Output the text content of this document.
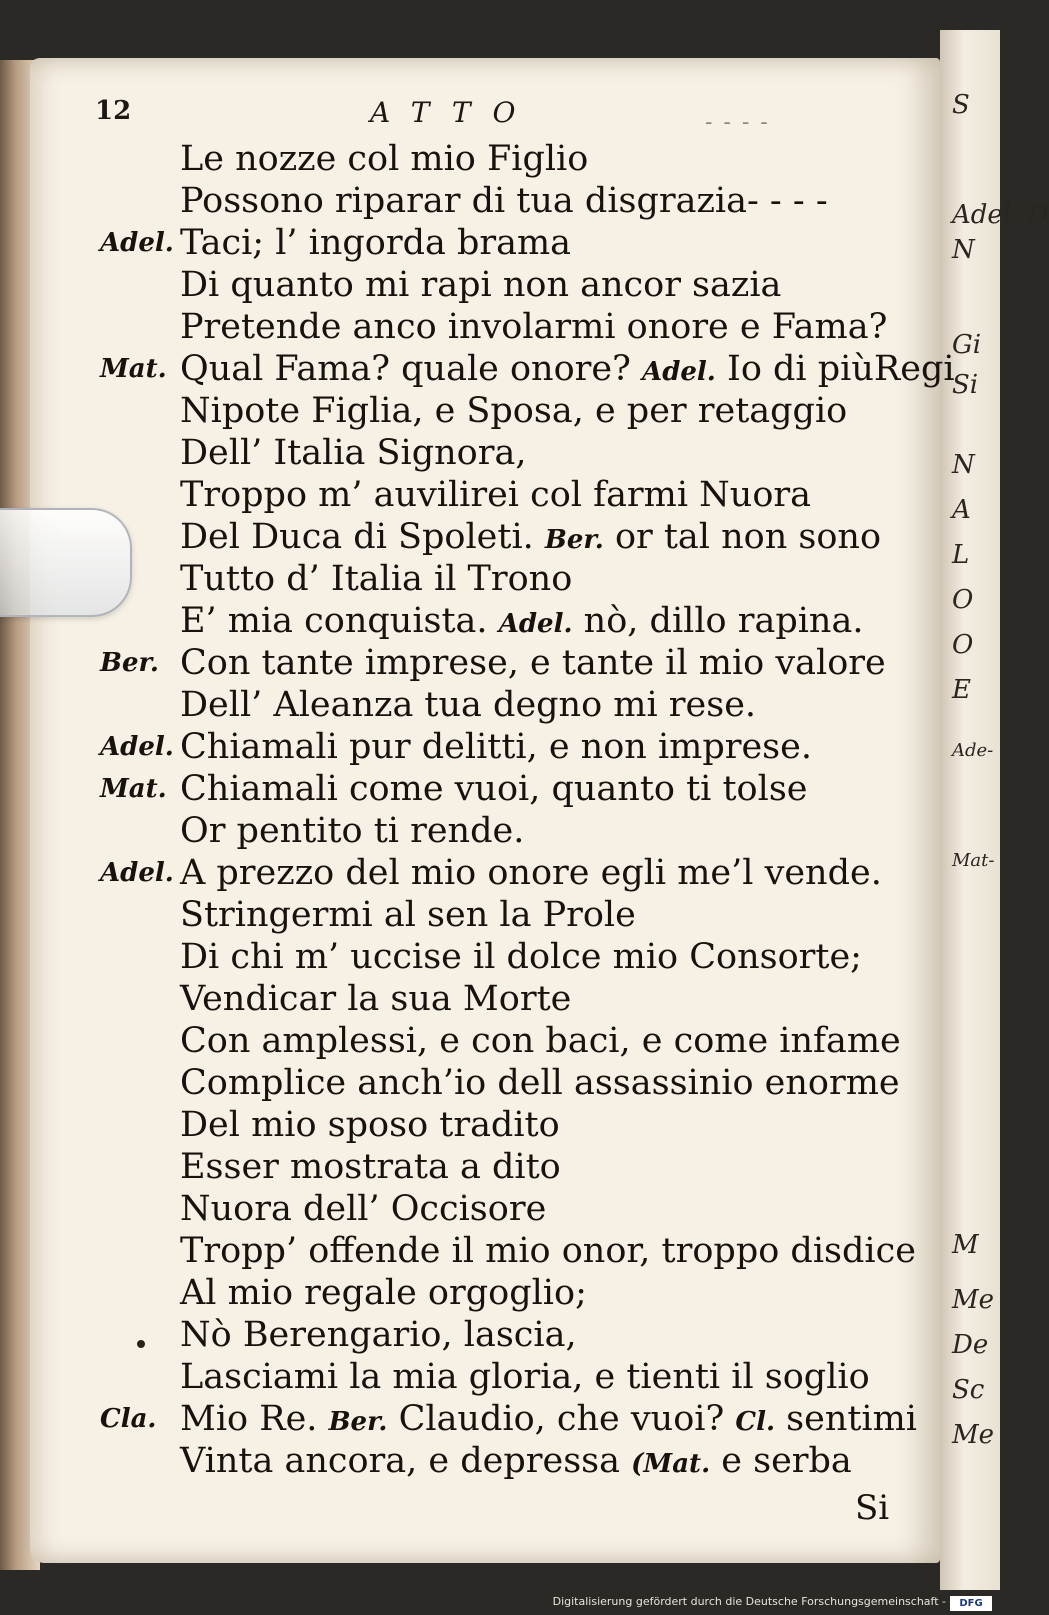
S
Adel. D
N
Gi
Si
N
A
L
O
O
E
Ade-
Mat-
M
Me
De
Sc
Me
12	ATTO	- - - -
Le nozze col mio Figlio
Possono riparar di tua disgrazia- - - -
Adel. Taci; l’ ingorda brama
Di quanto mi rapi non ancor sazia
Pretende anco involarmi onore e Fama?
Mat. Qual Fama? quale onore? Adel. Io di piùRegi
Nipote Figlia, e Sposa, e per retaggio
Dell’ Italia Signora,
Troppo m’ auvilirei col farmi Nuora
Del Duca di Spoleti. Ber. or tal non sono
Tutto d’ Italia il Trono
E’ mia conquista. Adel. nò, dillo rapina.
Ber. Con tante imprese, e tante il mio valore
Dell’ Aleanza tua degno mi rese.
Adel. Chiamali pur delitti, e non imprese.
Mat. Chiamali come vuoi, quanto ti tolse
Or pentito ti rende.
Adel. A prezzo del mio onore egli me’l vende.
Stringermi al sen la Prole
Di chi m’ uccise il dolce mio Consorte;
Vendicar la sua Morte
Con amplessi, e con baci, e come infame
Complice anch’io dell assassinio enorme
Del mio sposo tradito
Esser mostrata a dito
Nuora dell’ Occisore
Tropp’ offende il mio onor, troppo disdice
Al mio regale orgoglio;
Nò Berengario, lascia,
Lasciami la mia gloria, e tienti il soglio
Cla. Mio Re. Ber. Claudio, che vuoi? Cl. sentimi
Vinta ancora, e depressa (Mat. e serba
Si
Digitalisierung gefördert durch die Deutsche Forschungsgemeinschaft -	DFG
